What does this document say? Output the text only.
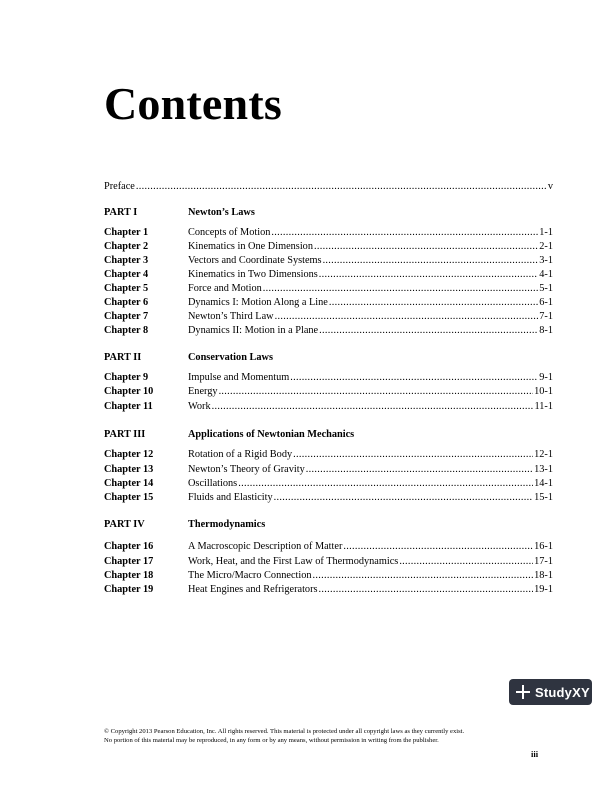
Contents
Preface .....	v
PART I	Newton’s Laws
Chapter 1	Concepts of Motion .....	1-1
Chapter 2	Kinematics in One Dimension .....	2-1
Chapter 3	Vectors and Coordinate Systems .....	3-1
Chapter 4	Kinematics in Two Dimensions .....	4-1
Chapter 5	Force and Motion .....	5-1
Chapter 6	Dynamics I: Motion Along a Line .....	6-1
Chapter 7	Newton’s Third Law .....	7-1
Chapter 8	Dynamics II: Motion in a Plane .....	8-1
PART II	Conservation Laws
Chapter 9	Impulse and Momentum .....	9-1
Chapter 10	Energy .....	10-1
Chapter 11	Work .....	11-1
PART III	Applications of Newtonian Mechanics
Chapter 12	Rotation of a Rigid Body .....	12-1
Chapter 13	Newton’s Theory of Gravity .....	13-1
Chapter 14	Oscillations .....	14-1
Chapter 15	Fluids and Elasticity .....	15-1
PART IV	Thermodynamics
Chapter 16	A Macroscopic Description of Matter .....	16-1
Chapter 17	Work, Heat, and the First Law of Thermodynamics .....	17-1
Chapter 18	The Micro/Macro Connection .....	18-1
Chapter 19	Heat Engines and Refrigerators .....	19-1
StudyXY

© Copyright 2013 Pearson Education, Inc. All rights reserved. This material is protected under all copyright laws as they currently exist.

No portion of this material may be reproduced, in any form or by any means, without permission in writing from the publisher.

iii
